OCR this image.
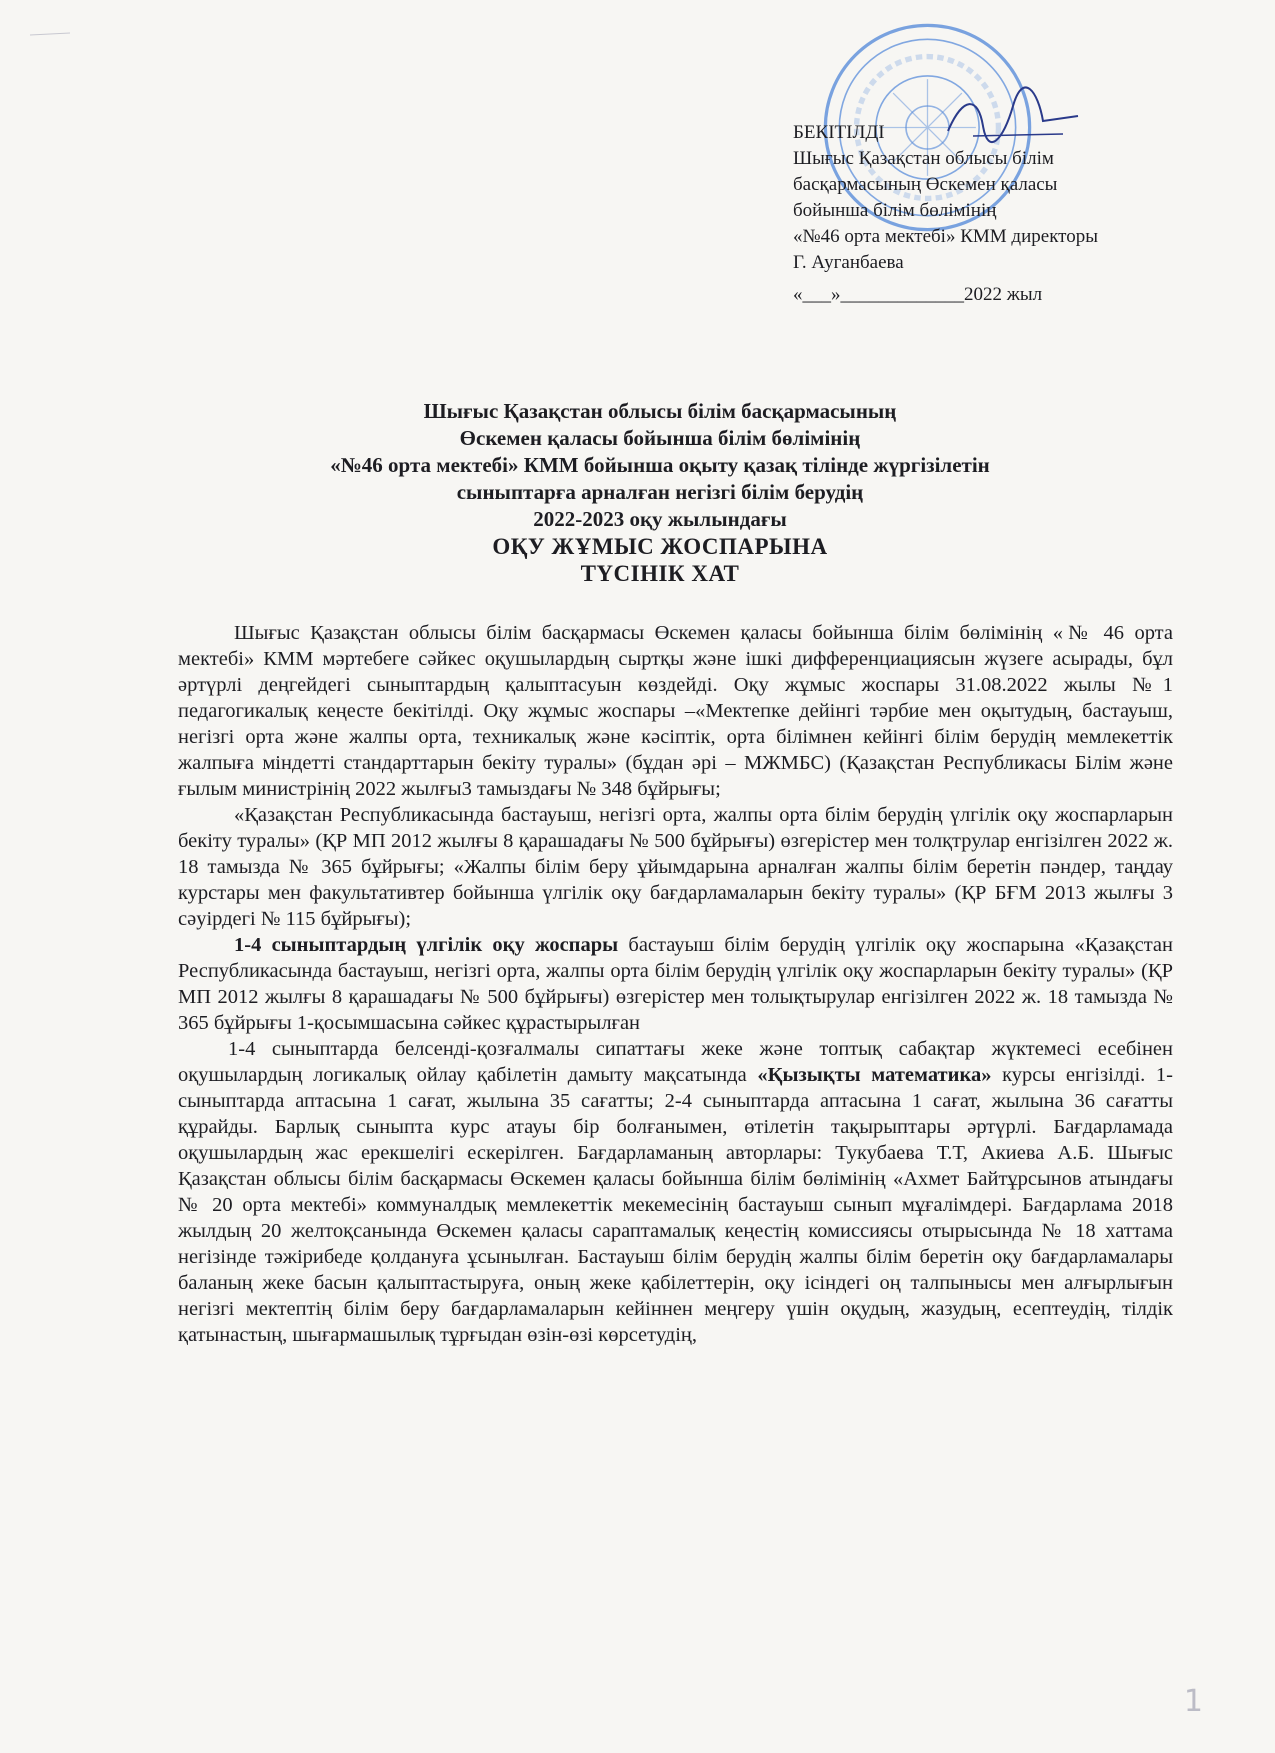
БЕКІТІЛДІ
Шығыс Қазақстан облысы білім
басқармасының Өскемен қаласы
бойынша білім бөлімінің
«№46 орта мектебі» КММ директоры
Г. Ауганбаева
«___»_____________2022 жыл
Шығыс Қазақстан облысы білім басқармасының
Өскемен қаласы бойынша білім бөлімінің
«№46 орта мектебі» КММ бойынша оқыту қазақ тілінде жүргізілетін
сыныптарға арналған негізгі білім берудің
2022-2023 оқу жылындағы
ОҚУ ЖҰМЫС ЖОСПАРЫНА
ТҮСІНІК ХАТ

Шығыс Қазақстан облысы білім басқармасы Өскемен қаласы бойынша білім бөлімінің «№ 46 орта мектебі» КММ мәртебеге сәйкес оқушылардың сыртқы және ішкі дифференциациясын жүзеге асырады, бұл әртүрлі деңгейдегі сыныптардың қалыптасуын көздейді. Оқу жұмыс жоспары 31.08.2022 жылы №1 педагогикалық кеңесте бекітілді. Оқу жұмыс жоспары –«Мектепке дейінгі тәрбие мен оқытудың, бастауыш, негізгі орта және жалпы орта, техникалық және кәсіптік, орта білімнен кейінгі білім берудің мемлекеттік жалпыға міндетті стандарттарын бекіту туралы» (бұдан әрі – МЖМБС) (Қазақстан Республикасы Білім және ғылым министрінің 2022 жылғы3 тамыздағы № 348 бұйрығы;

«Қазақстан Республикасында бастауыш, негізгі орта, жалпы орта білім берудің үлгілік оқу жоспарларын бекіту туралы» (ҚР МП 2012 жылғы 8 қарашадағы № 500 бұйрығы) өзгерістер мен толқтрулар енгізілген 2022 ж. 18 тамызда № 365 бұйрығы; «Жалпы білім беру ұйымдарына арналған жалпы білім беретін пәндер, таңдау курстары мен факультативтер бойынша үлгілік оқу бағдарламаларын бекіту туралы» (ҚР БҒМ 2013 жылғы 3 сәуірдегі № 115 бұйрығы);

1-4 сыныптардың үлгілік оқу жоспары бастауыш білім берудің үлгілік оқу жоспарына «Қазақстан Республикасында бастауыш, негізгі орта, жалпы орта білім берудің үлгілік оқу жоспарларын бекіту туралы» (ҚР МП 2012 жылғы 8 қарашадағы № 500 бұйрығы) өзгерістер мен толықтырулар енгізілген 2022 ж. 18 тамызда № 365 бұйрығы 1-қосымшасына сәйкес құрастырылған

1-4 сыныптарда белсенді-қозғалмалы сипаттағы жеке және топтық сабақтар жүктемесі есебінен оқушылардың логикалық ойлау қабілетін дамыту мақсатында «Қызықты математика» курсы енгізілді. 1-сыныптарда аптасына 1 сағат, жылына 35 сағатты; 2-4 сыныптарда аптасына 1 сағат, жылына 36 сағатты құрайды. Барлық сыныпта курс атауы бір болғанымен, өтілетін тақырыптары әртүрлі. Бағдарламада оқушылардың жас ерекшелігі ескерілген. Бағдарламаның авторлары: Тукубаева Т.Т, Акиева А.Б. Шығыс Қазақстан облысы білім басқармасы Өскемен қаласы бойынша білім бөлімінің «Ахмет Байтұрсынов атындағы № 20 орта мектебі» коммуналдық мемлекеттік мекемесінің бастауыш сынып мұғалімдері. Бағдарлама 2018 жылдың 20 желтоқсанында Өскемен қаласы сараптамалық кеңестің комиссиясы отырысында № 18 хаттама негізінде тәжірибеде қолдануға ұсынылған. Бастауыш білім берудің жалпы білім беретін оқу бағдарламалары баланың жеке басын қалыптастыруға, оның жеке қабілеттерін, оқу ісіндегі оң талпынысы мен алғырлығын негізгі мектептің білім беру бағдарламаларын кейіннен меңгеру үшін оқудың, жазудың, есептеудің, тілдік қатынастың, шығармашылық тұрғыдан өзін-өзі көрсетудің,

1
